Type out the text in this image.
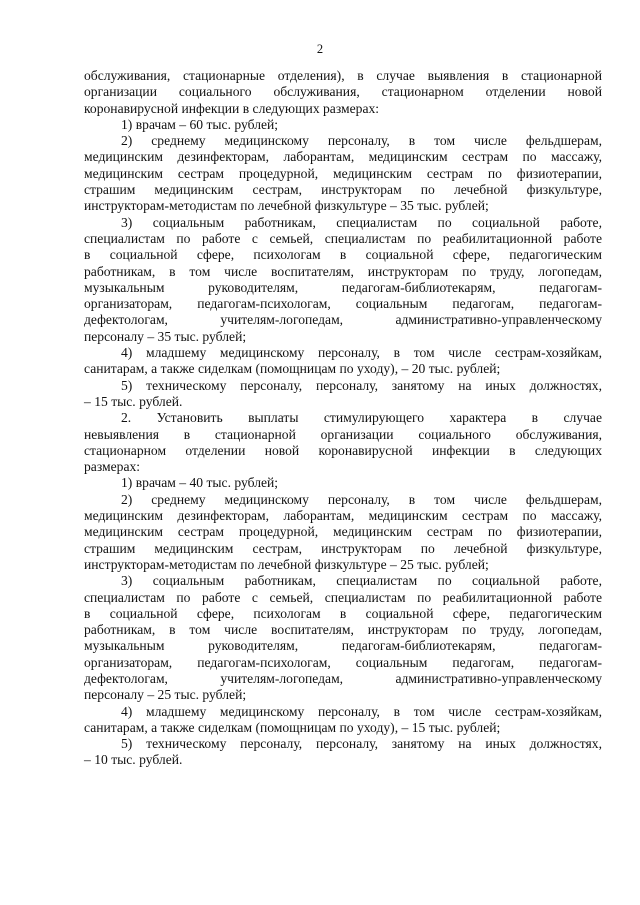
2
обслуживания, стационарные отделения), в случае выявления в стационарной
организации социального обслуживания, стационарном отделении новой
коронавирусной инфекции в следующих размерах:
1) врачам – 60 тыс. рублей;
2) среднему медицинскому персоналу, в том числе фельдшерам,
медицинским дезинфекторам, лаборантам, медицинским сестрам по массажу,
медицинским сестрам процедурной, медицинским сестрам по физиотерапии,
страшим медицинским сестрам, инструкторам по лечебной физкультуре,
инструкторам-методистам по лечебной физкультуре – 35 тыс. рублей;
3) социальным работникам, специалистам по социальной работе,
специалистам по работе с семьей, специалистам по реабилитационной работе
в социальной сфере, психологам в социальной сфере, педагогическим
работникам, в том числе воспитателям, инструкторам по труду, логопедам,
музыкальным руководителям, педагогам-библиотекарям, педагогам-
организаторам, педагогам-психологам, социальным педагогам, педагогам-
дефектологам, учителям-логопедам, административно-управленческому
персоналу – 35 тыс. рублей;
4) младшему медицинскому персоналу, в том числе сестрам-хозяйкам,
санитарам, а также сиделкам (помощницам по уходу), – 20 тыс. рублей;
5) техническому персоналу, персоналу, занятому на иных должностях,
– 15 тыс. рублей.
2. Установить выплаты стимулирующего характера в случае
невыявления в стационарной организации социального обслуживания,
стационарном отделении новой коронавирусной инфекции в следующих
размерах:
1) врачам – 40 тыс. рублей;
2) среднему медицинскому персоналу, в том числе фельдшерам,
медицинским дезинфекторам, лаборантам, медицинским сестрам по массажу,
медицинским сестрам процедурной, медицинским сестрам по физиотерапии,
страшим медицинским сестрам, инструкторам по лечебной физкультуре,
инструкторам-методистам по лечебной физкультуре – 25 тыс. рублей;
3) социальным работникам, специалистам по социальной работе,
специалистам по работе с семьей, специалистам по реабилитационной работе
в социальной сфере, психологам в социальной сфере, педагогическим
работникам, в том числе воспитателям, инструкторам по труду, логопедам,
музыкальным руководителям, педагогам-библиотекарям, педагогам-
организаторам, педагогам-психологам, социальным педагогам, педагогам-
дефектологам, учителям-логопедам, административно-управленческому
персоналу – 25 тыс. рублей;
4) младшему медицинскому персоналу, в том числе сестрам-хозяйкам,
санитарам, а также сиделкам (помощницам по уходу), – 15 тыс. рублей;
5) техническому персоналу, персоналу, занятому на иных должностях,
– 10 тыс. рублей.
